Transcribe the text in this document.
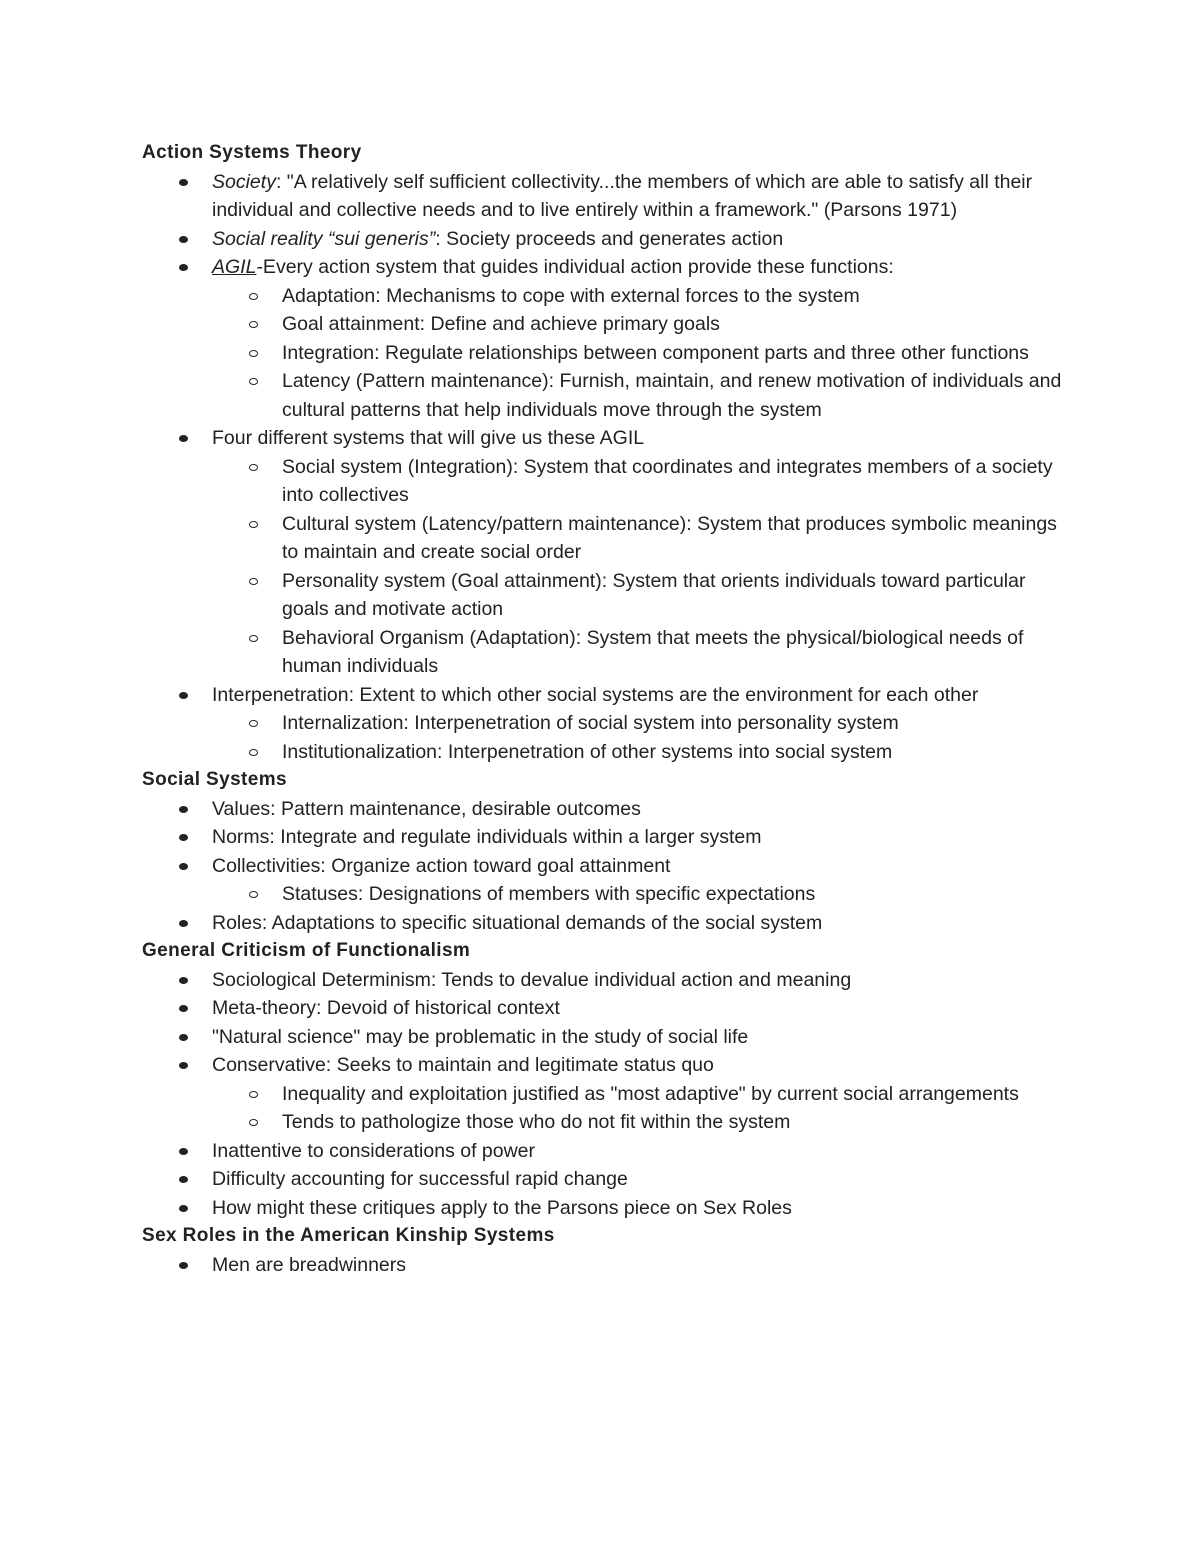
Action Systems Theory

Society: "A relatively self sufficient collectivity...the members of which are able to satisfy all their individual and collective needs and to live entirely within a framework." (Parsons 1971)
Social reality “sui generis”: Society proceeds and generates action
AGIL-Every action system that guides individual action provide these functions:
Adaptation: Mechanisms to cope with external forces to the system
Goal attainment: Define and achieve primary goals
Integration: Regulate relationships between component parts and three other functions
Latency (Pattern maintenance): Furnish, maintain, and renew motivation of individuals and cultural patterns that help individuals move through the system
Four different systems that will give us these AGIL
Social system (Integration): System that coordinates and integrates members of a society into collectives
Cultural system (Latency/pattern maintenance): System that produces symbolic meanings to maintain and create social order
Personality system (Goal attainment): System that orients individuals toward particular goals and motivate action
Behavioral Organism (Adaptation): System that meets the physical/biological needs of human individuals
Interpenetration: Extent to which other social systems are the environment for each other
Internalization: Interpenetration of social system into personality system
Institutionalization: Interpenetration of other systems into social system

Social Systems

Values: Pattern maintenance, desirable outcomes
Norms: Integrate and regulate individuals within a larger system
Collectivities: Organize action toward goal attainment
Statuses: Designations of members with specific expectations
Roles: Adaptations to specific situational demands of the social system

General Criticism of Functionalism

Sociological Determinism: Tends to devalue individual action and meaning
Meta-theory: Devoid of historical context
"Natural science" may be problematic in the study of social life
Conservative: Seeks to maintain and legitimate status quo
Inequality and exploitation justified as "most adaptive" by current social arrangements
Tends to pathologize those who do not fit within the system
Inattentive to considerations of power
Difficulty accounting for successful rapid change
How might these critiques apply to the Parsons piece on Sex Roles

Sex Roles in the American Kinship Systems

Men are breadwinners
